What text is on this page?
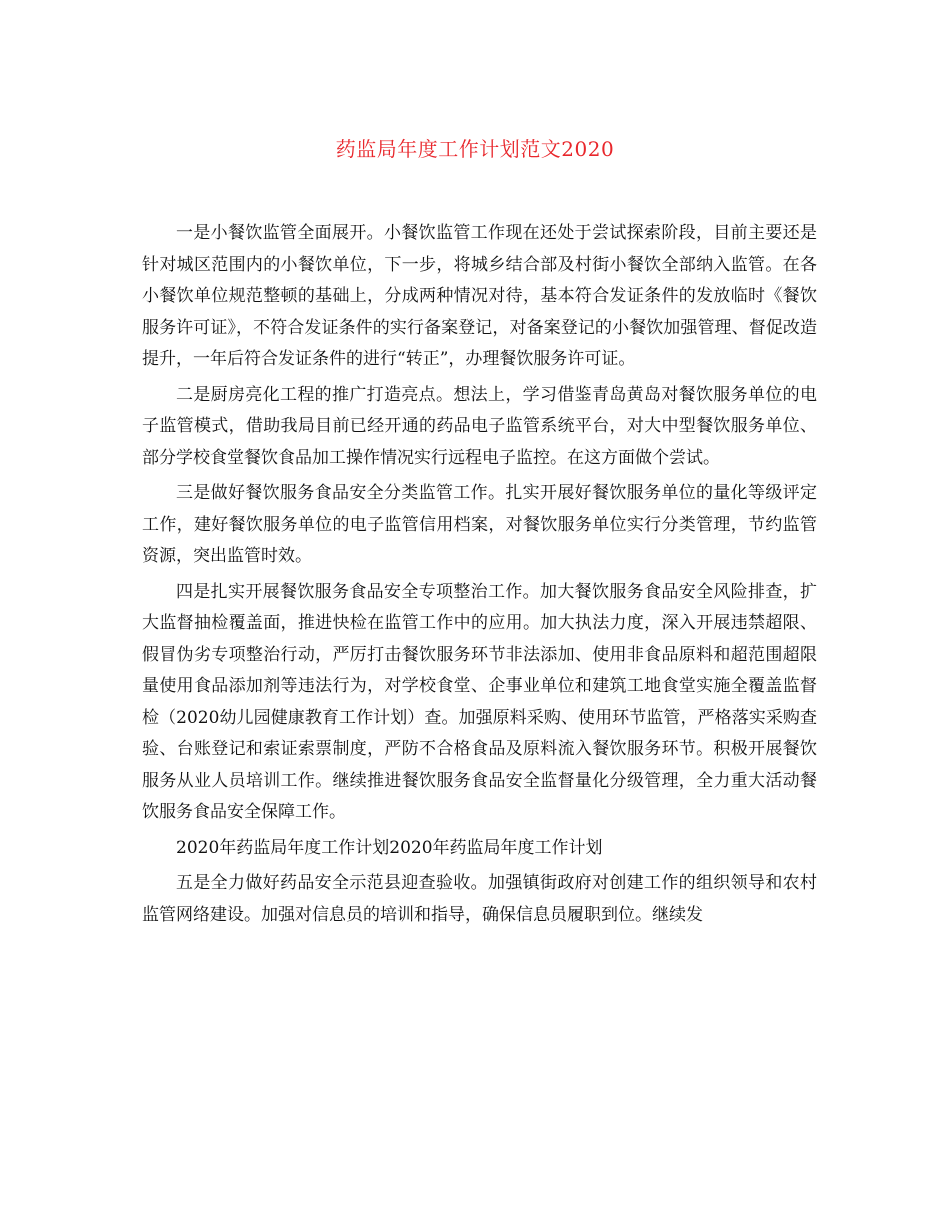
药监局年度工作计划范文2020

一是小餐饮监管全面展开。小餐饮监管工作现在还处于尝试探索阶段，目前主要还是针对城区范围内的小餐饮单位，下一步，将城乡结合部及村街小餐饮全部纳入监管。在各小餐饮单位规范整顿的基础上，分成两种情况对待，基本符合发证条件的发放临时《餐饮服务许可证》，不符合发证条件的实行备案登记，对备案登记的小餐饮加强管理、督促改造提升，一年后符合发证条件的进行“转正”，办理餐饮服务许可证。

二是厨房亮化工程的推广打造亮点。想法上，学习借鉴青岛黄岛对餐饮服务单位的电子监管模式，借助我局目前已经开通的药品电子监管系统平台，对大中型餐饮服务单位、部分学校食堂餐饮食品加工操作情况实行远程电子监控。在这方面做个尝试。

三是做好餐饮服务食品安全分类监管工作。扎实开展好餐饮服务单位的量化等级评定工作，建好餐饮服务单位的电子监管信用档案，对餐饮服务单位实行分类管理，节约监管资源，突出监管时效。

四是扎实开展餐饮服务食品安全专项整治工作。加大餐饮服务食品安全风险排查，扩大监督抽检覆盖面，推进快检在监管工作中的应用。加大执法力度，深入开展违禁超限、假冒伪劣专项整治行动，严厉打击餐饮服务环节非法添加、使用非食品原料和超范围超限量使用食品添加剂等违法行为，对学校食堂、企事业单位和建筑工地食堂实施全覆盖监督检（2020幼儿园健康教育工作计划）查。加强原料采购、使用环节监管，严格落实采购查验、台账登记和索证索票制度，严防不合格食品及原料流入餐饮服务环节。积极开展餐饮服务从业人员培训工作。继续推进餐饮服务食品安全监督量化分级管理，全力重大活动餐饮服务食品安全保障工作。

2020年药监局年度工作计划2020年药监局年度工作计划

五是全力做好药品安全示范县迎查验收。加强镇街政府对创建工作的组织领导和农村监管网络建设。加强对信息员的培训和指导，确保信息员履职到位。继续发
